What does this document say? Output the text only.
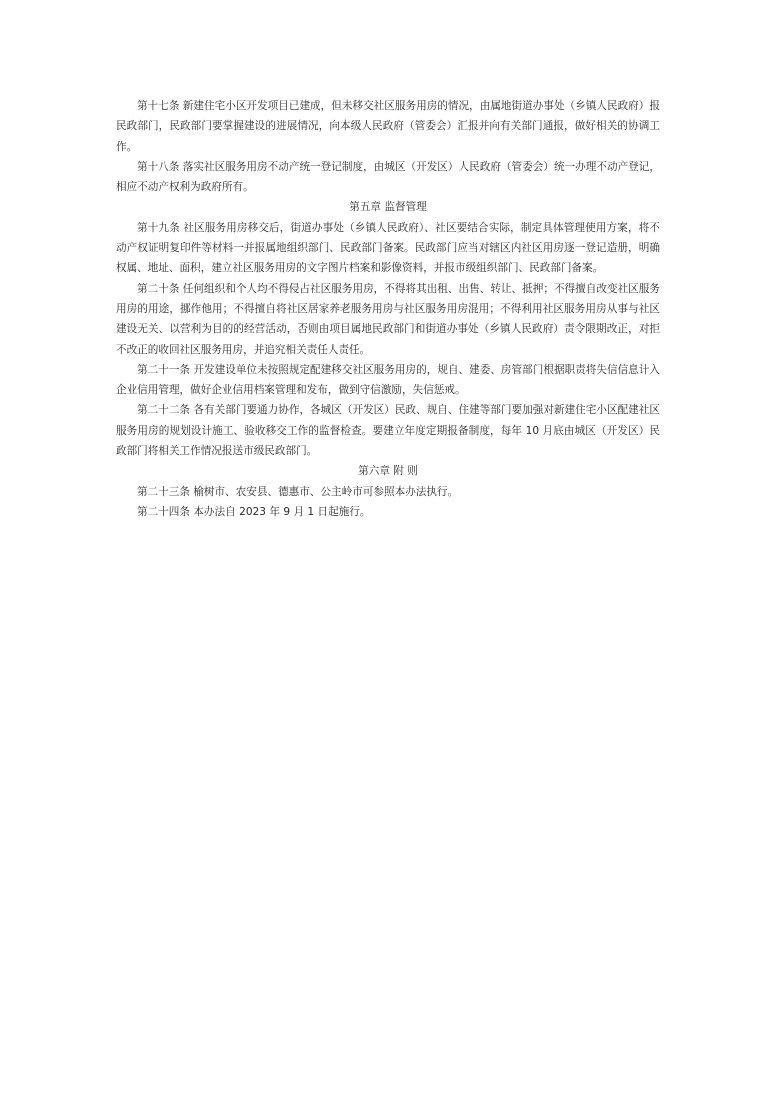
第十七条 新建住宅小区开发项目已建成，但未移交社区服务用房的情况，由属地街道办事处（乡镇人民政府）报民政部门，民政部门要掌握建设的进展情况，向本级人民政府（管委会）汇报并向有关部门通报，做好相关的协调工作。

第十八条 落实社区服务用房不动产统一登记制度，由城区（开发区）人民政府（管委会）统一办理不动产登记，相应不动产权利为政府所有。

第五章 监督管理

第十九条 社区服务用房移交后，街道办事处（乡镇人民政府）、社区要结合实际，制定具体管理使用方案，将不动产权证明复印件等材料一并报属地组织部门、民政部门备案。民政部门应当对辖区内社区用房逐一登记造册，明确权属、地址、面积，建立社区服务用房的文字图片档案和影像资料，并报市级组织部门、民政部门备案。

第二十条 任何组织和个人均不得侵占社区服务用房，不得将其出租、出售、转让、抵押；不得擅自改变社区服务用房的用途，挪作他用；不得擅自将社区居家养老服务用房与社区服务用房混用；不得利用社区服务用房从事与社区建设无关、以营利为目的的经营活动，否则由项目属地民政部门和街道办事处（乡镇人民政府）责令限期改正，对拒不改正的收回社区服务用房，并追究相关责任人责任。

第二十一条 开发建设单位未按照规定配建移交社区服务用房的，规自、建委、房管部门根据职责将失信信息计入企业信用管理，做好企业信用档案管理和发布，做到守信激励，失信惩戒。

第二十二条 各有关部门要通力协作，各城区（开发区）民政、规自、住建等部门要加强对新建住宅小区配建社区服务用房的规划设计施工、验收移交工作的监督检查。要建立年度定期报备制度，每年 10 月底由城区（开发区）民政部门将相关工作情况报送市级民政部门。

第六章 附 则

第二十三条 榆树市、农安县、德惠市、公主岭市可参照本办法执行。

第二十四条 本办法自 2023 年 9 月 1 日起施行。
